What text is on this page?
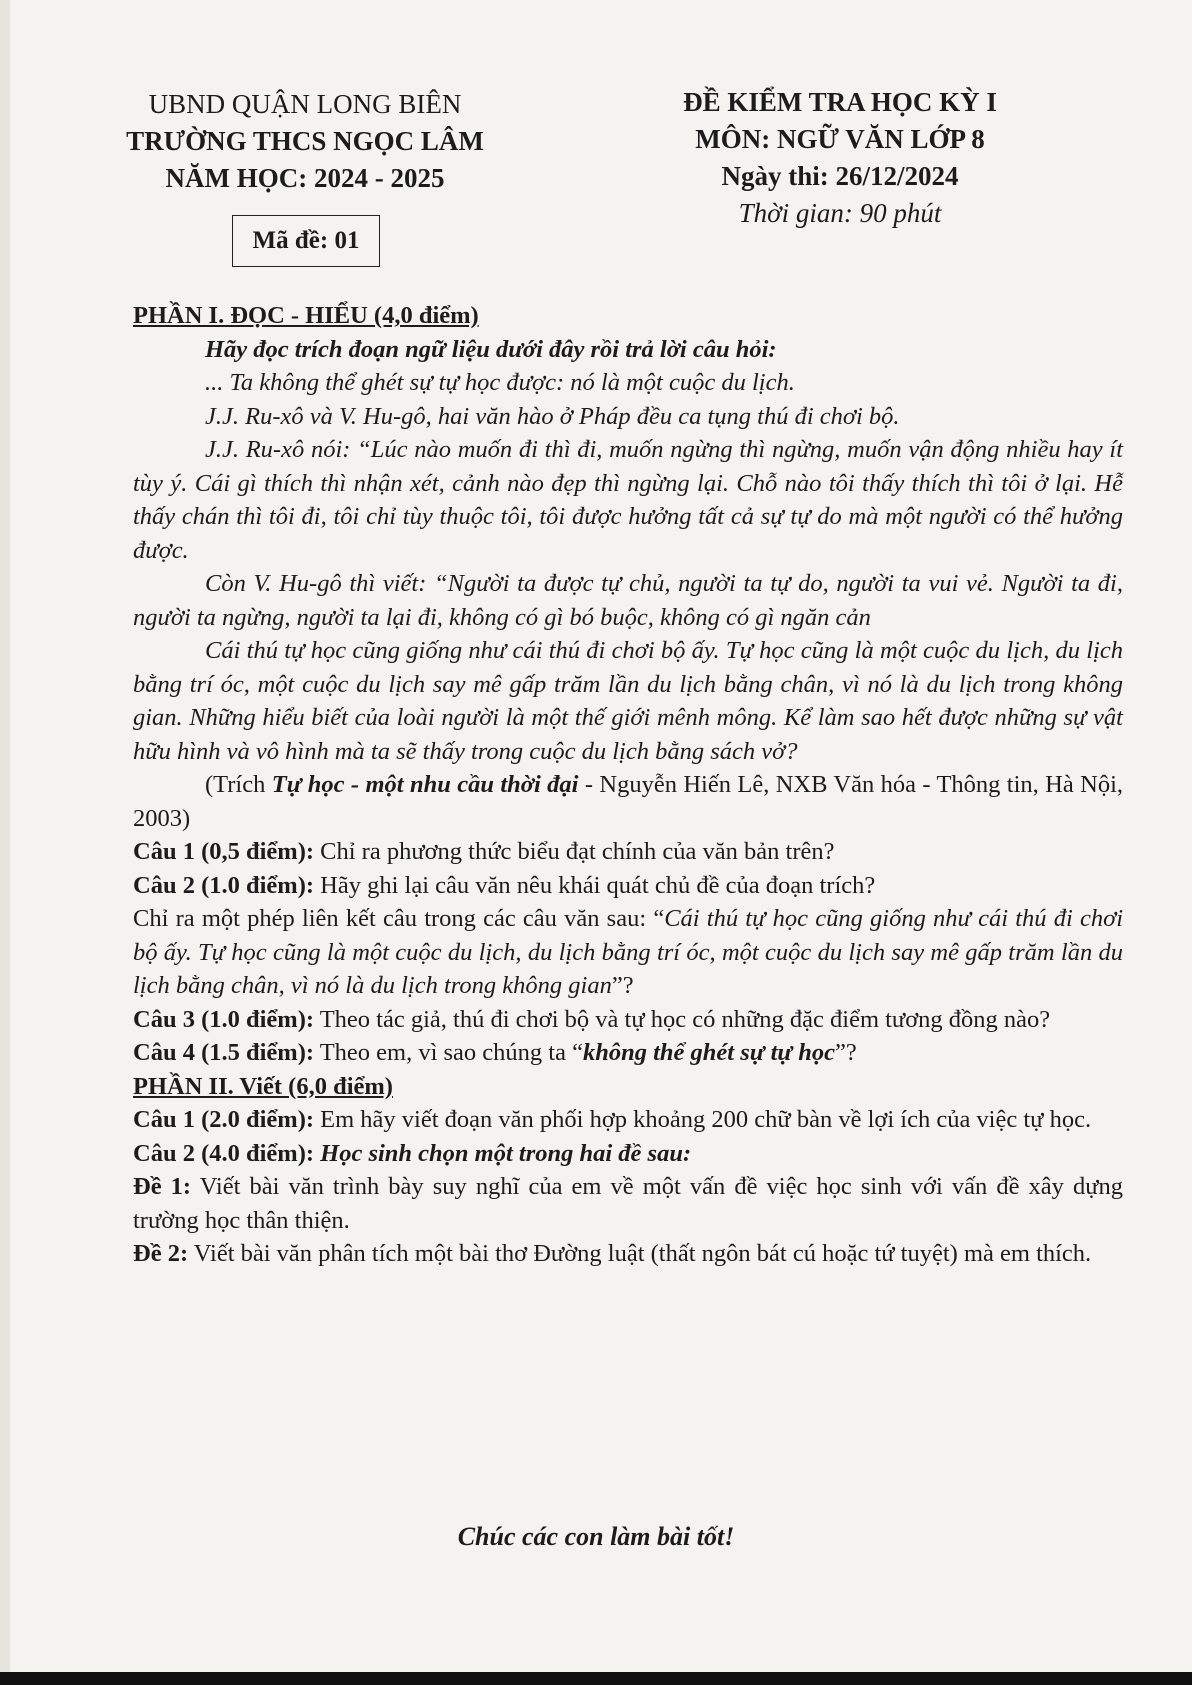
UBND QUẬN LONG BIÊN
TRƯỜNG THCS NGỌC LÂM
NĂM HỌC: 2024 - 2025
Mã đề: 01
ĐỀ KIỂM TRA HỌC KỲ I
MÔN: NGỮ VĂN LỚP 8
Ngày thi: 26/12/2024
Thời gian: 90 phút

PHẦN I. ĐỌC - HIỂU (4,0 điểm)

Hãy đọc trích đoạn ngữ liệu dưới đây rồi trả lời câu hỏi:

... Ta không thể ghét sự tự học được: nó là một cuộc du lịch.

J.J. Ru-xô và V. Hu-gô, hai văn hào ở Pháp đều ca tụng thú đi chơi bộ.

J.J. Ru-xô nói: “Lúc nào muốn đi thì đi, muốn ngừng thì ngừng, muốn vận động nhiều hay ít tùy ý. Cái gì thích thì nhận xét, cảnh nào đẹp thì ngừng lại. Chỗ nào tôi thấy thích thì tôi ở lại. Hễ thấy chán thì tôi đi, tôi chỉ tùy thuộc tôi, tôi được hưởng tất cả sự tự do mà một người có thể hưởng được.

Còn V. Hu-gô thì viết: “Người ta được tự chủ, người ta tự do, người ta vui vẻ. Người ta đi, người ta ngừng, người ta lại đi, không có gì bó buộc, không có gì ngăn cản

Cái thú tự học cũng giống như cái thú đi chơi bộ ấy. Tự học cũng là một cuộc du lịch, du lịch bằng trí óc, một cuộc du lịch say mê gấp trăm lần du lịch bằng chân, vì nó là du lịch trong không gian. Những hiểu biết của loài người là một thế giới mênh mông. Kể làm sao hết được những sự vật hữu hình và vô hình mà ta sẽ thấy trong cuộc du lịch bằng sách vở?

(Trích Tự học - một nhu cầu thời đại - Nguyễn Hiến Lê, NXB Văn hóa - Thông tin, Hà Nội, 2003)

Câu 1 (0,5 điểm): Chỉ ra phương thức biểu đạt chính của văn bản trên?

Câu 2 (1.0 điểm): Hãy ghi lại câu văn nêu khái quát chủ đề của đoạn trích?

Chỉ ra một phép liên kết câu trong các câu văn sau: “Cái thú tự học cũng giống như cái thú đi chơi bộ ấy. Tự học cũng là một cuộc du lịch, du lịch bằng trí óc, một cuộc du lịch say mê gấp trăm lần du lịch bằng chân, vì nó là du lịch trong không gian”?

Câu 3 (1.0 điểm): Theo tác giả, thú đi chơi bộ và tự học có những đặc điểm tương đồng nào?

Câu 4 (1.5 điểm): Theo em, vì sao chúng ta “không thể ghét sự tự học”?

PHẦN II. Viết (6,0 điểm)

Câu 1 (2.0 điểm): Em hãy viết đoạn văn phối hợp khoảng 200 chữ bàn về lợi ích của việc tự học.

Câu 2 (4.0 điểm): Học sinh chọn một trong hai đề sau:

Đề 1: Viết bài văn trình bày suy nghĩ của em về một vấn đề việc học sinh với vấn đề xây dựng trường học thân thiện.

Đề 2: Viết bài văn phân tích một bài thơ Đường luật (thất ngôn bát cú hoặc tứ tuyệt) mà em thích.

Chúc các con làm bài tốt!
